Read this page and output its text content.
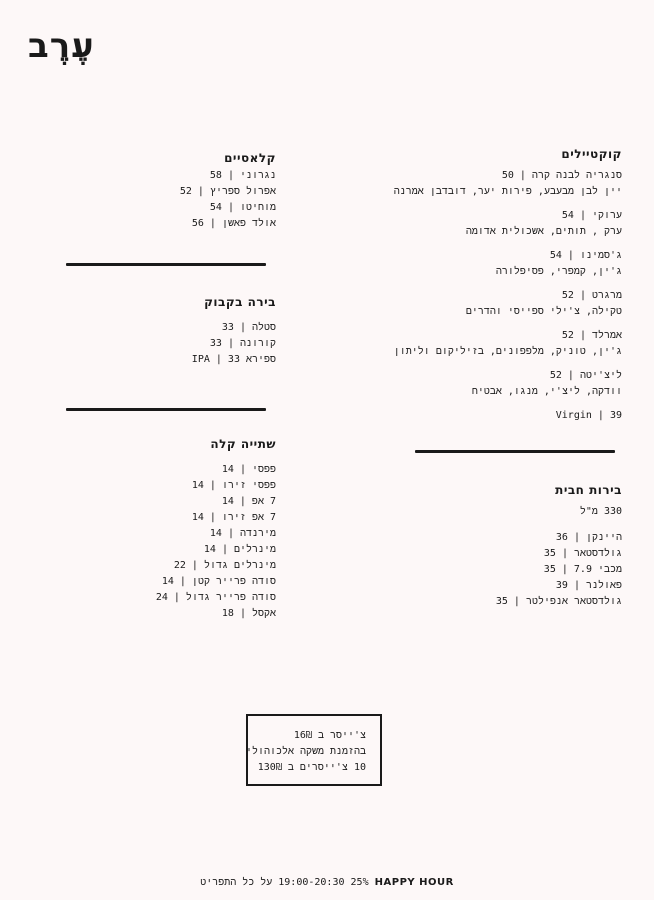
עֶרֶב
קוקטיילים
סנגריה לבנה קרה | 50
יין לבן מבעבע, פירות יער, דובדבן אמרנה
ערוקי | 54
ערק , תותים, אשכולית אדומה
ג'סמינו | 54
ג'ין, קמפרי, פסיפלורה
מרגרט | 52
טקילה, צ'ילי ספייסי והדרים
אמרלד | 52
ג'ין, טוניק, מלפפונים, בזיליקום וליתון
ליצ'יטה | 52
וודקה, ליצ'י, מנגו, אבטיח
Virgin | 39
בירות חבית
330 מ"ל
היינקן | 36
גולדסטאר | 35
מכבי 7.9 | 35
פאולנר | 39
גולדסטאר אנפילטר | 35
קלאסיים
נגרוני | 58
אפרול ספריץ | 52
מוחיטו | 54
אולד פאשן | 56
בירה בקבוק
סטלה | 33
קורונה | 33
ספירא IPA | 33
שתייה קלה
פפסי | 14
פפסי זירו | 14
7 אפ | 14
7 אפ זירו | 14
מירנדה | 14
מינרלים | 14
מינרלים גדול | 22
סודה פרייר קטן | 14
סודה פרייר גדול | 24
אקסל | 18
צ'ייסר ב 16₪
בהזמנת משקה אלכוהולי
10 צ'ייסרים ב 130₪
25% 19:00-20:30 על כל התפריט HAPPY HOUR
